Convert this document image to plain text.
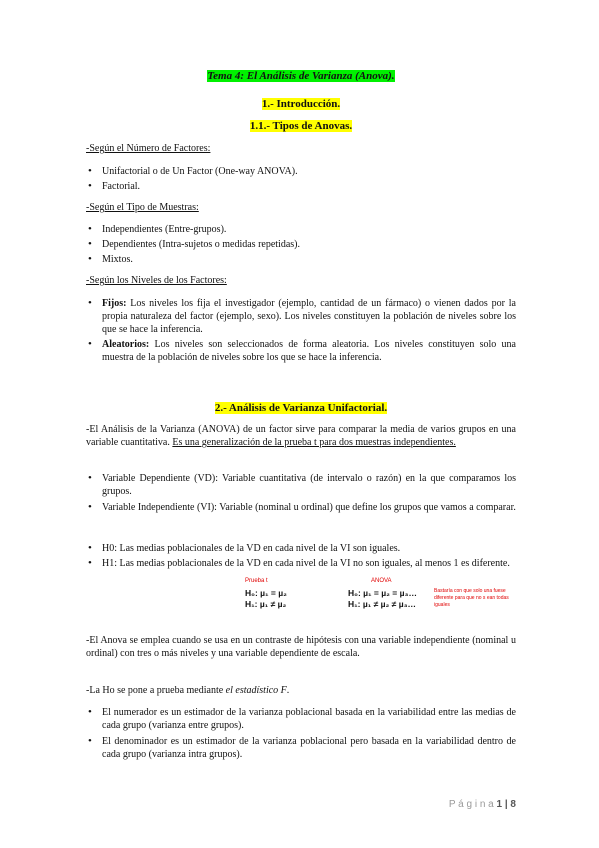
Tema 4: El Análisis de Varianza (Anova).
1.- Introducción.
1.1.- Tipos de Anovas.
-Según el Número de Factores:
• Unifactorial o de Un Factor (One-way ANOVA).
• Factorial.
-Según el Tipo de Muestras:
• Independientes (Entre-grupos).
• Dependientes (Intra-sujetos o medidas repetidas).
• Mixtos.
-Según los Niveles de los Factores:
• Fijos: Los niveles los fija el investigador (ejemplo, cantidad de un fármaco) o vienen dados por la propia naturaleza del factor (ejemplo, sexo). Los niveles constituyen la población de niveles sobre los que se hace la inferencia.
• Aleatorios: Los niveles son seleccionados de forma aleatoria. Los niveles constituyen solo una muestra de la población de niveles sobre los que se hace la inferencia.
2.- Análisis de Varianza Unifactorial.
-El Análisis de la Varianza (ANOVA) de un factor sirve para comparar la media de varios grupos en una variable cuantitativa. Es una generalización de la prueba t para dos muestras independientes.
• Variable Dependiente (VD): Variable cuantitativa (de intervalo o razón) en la que comparamos los grupos.
• Variable Independiente (VI): Variable (nominal u ordinal) que define los grupos que vamos a comparar.
• H0: Las medias poblacionales de la VD en cada nivel de la VI son iguales.
• H1: Las medias poblacionales de la VD en cada nivel de la VI no son iguales, al menos 1 es diferente.
Prueba t
H₀: µ₁ = µ₂
H₁: µ₁ ≠ µ₂
ANOVA
H₀: µ₁ = µ₂ = µ₃…
H₁: µ₁ ≠ µ₂ ≠ µ₃…
Bastaría con que solo una fuese diferente para que no s ean todas iguales
-El Anova se emplea cuando se usa en un contraste de hipótesis con una variable independiente (nominal u ordinal) con tres o más niveles y una variable dependiente de escala.
-La Ho se pone a prueba mediante el estadístico F.
• El numerador es un estimador de la varianza poblacional basada en la variabilidad entre las medias de cada grupo (varianza entre grupos).
• El denominador es un estimador de la varianza poblacional pero basada en la variabilidad dentro de cada grupo (varianza intra grupos).
P á g i n a 1 | 8
